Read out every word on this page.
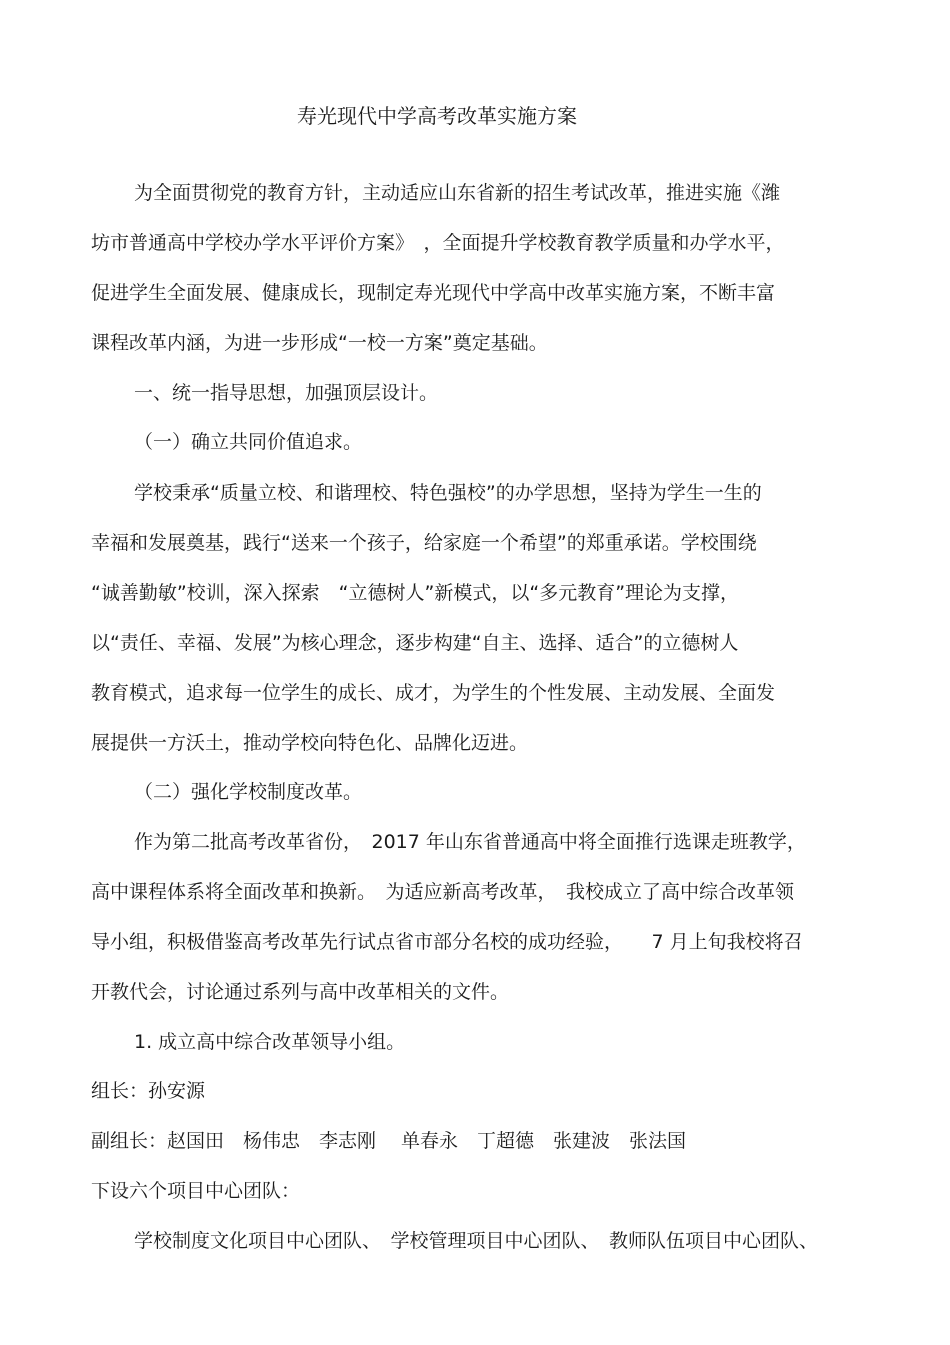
寿光现代中学高考改革实施方案

为全面贯彻党的教育方针，主动适应山东省新的招生考试改革，推进实施《潍

坊市普通高中学校办学水平评价方案》　，全面提升学校教育教学质量和办学水平，

促进学生全面发展、健康成长，现制定寿光现代中学高中改革实施方案，不断丰富

课程改革内涵，为进一步形成“一校一方案”奠定基础。

一、统一指导思想，加强顶层设计。

（一）确立共同价值追求。

学校秉承“质量立校、和谐理校、特色强校”的办学思想，坚持为学生一生的

幸福和发展奠基，践行“送来一个孩子，给家庭一个希望”的郑重承诺。学校围绕

“诚善勤敏”校训，深入探索　“立德树人”新模式，以“多元教育”理论为支撑，

以“责任、幸福、发展”为核心理念，逐步构建“自主、选择、适合”的立德树人

教育模式，追求每一位学生的成长、成才，为学生的个性发展、主动发展、全面发

展提供一方沃土，推动学校向特色化、品牌化迈进。

（二）强化学校制度改革。

作为第二批高考改革省份，　2017 年山东省普通高中将全面推行选课走班教学，

高中课程体系将全面改革和换新。　为适应新高考改革，　我校成立了高中综合改革领

导小组，积极借鉴高考改革先行试点省市部分名校的成功经验，　　7 月上旬我校将召

开教代会，讨论通过系列与高中改革相关的文件。

1. 成立高中综合改革领导小组。

组长：孙安源

副组长：赵国田　杨伟忠　李志刚　 单春永　丁超德　张建波　张法国

下设六个项目中心团队：

学校制度文化项目中心团队、　学校管理项目中心团队、　教师队伍项目中心团队、
